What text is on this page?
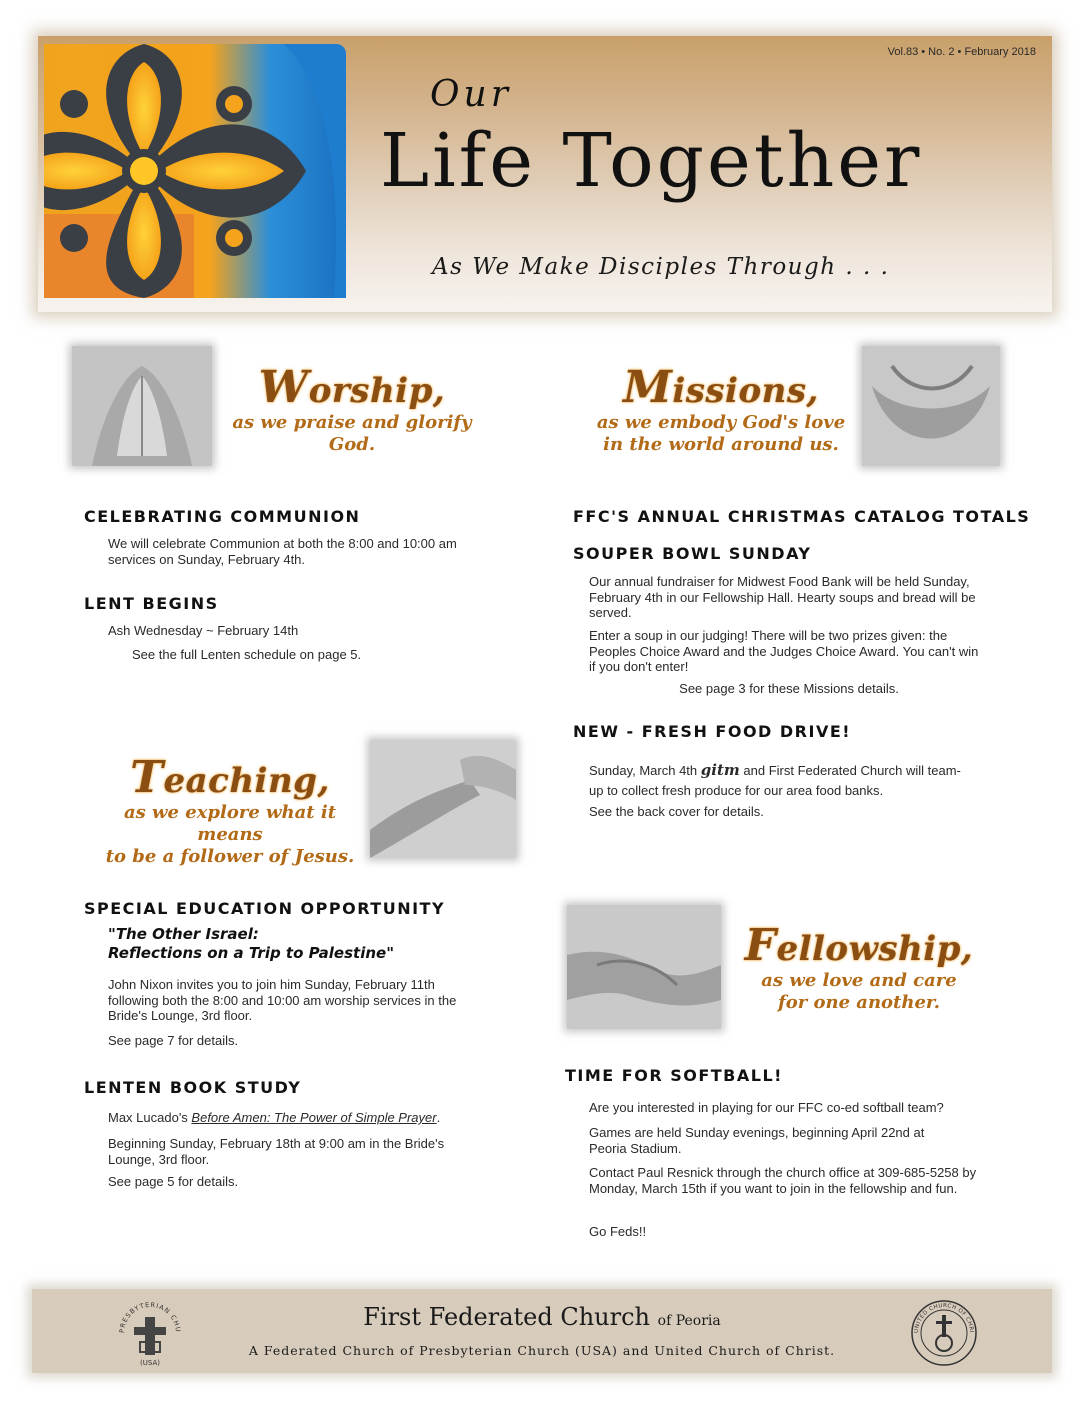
Vol.83 • No. 2 • February 2018
Our
Life Together
As We Make Disciples Through . . .
Worship,
as we praise and glorify God.
CELEBRATING COMMUNION
We will celebrate Communion at both the 8:00 and 10:00 am services on Sunday, February 4th.
LENT BEGINS
Ash Wednesday ~ February 14th
See the full Lenten schedule on page 5.
Missions,
as we embody God's love
in the world around us.
FFC'S ANNUAL CHRISTMAS CATALOG TOTALS
SOUPER BOWL SUNDAY
Our annual fundraiser for Midwest Food Bank will be held Sunday, February 4th in our Fellowship Hall. Hearty soups and bread will be served.
Enter a soup in our judging! There will be two prizes given: the Peoples Choice Award and the Judges Choice Award. You can't win if you don't enter!
See page 3 for these Missions details.
NEW - FRESH FOOD DRIVE!
Sunday, March 4th gitm and First Federated Church will team-up to collect fresh produce for our area food banks.
See the back cover for details.
Teaching,
as we explore what it means
to be a follower of Jesus.
SPECIAL EDUCATION OPPORTUNITY
"The Other Israel:
Reflections on a Trip to Palestine"
John Nixon invites you to join him Sunday, February 11th following both the 8:00 and 10:00 am worship services in the Bride's Lounge, 3rd floor.
See page 7 for details.
LENTEN BOOK STUDY
Max Lucado's Before Amen: The Power of Simple Prayer.
Beginning Sunday, February 18th at 9:00 am in the Bride's Lounge, 3rd floor.
See page 5 for details.
Fellowship,
as we love and care
for one another.
TIME FOR SOFTBALL!
Are you interested in playing for our FFC co-ed softball team?
Games are held Sunday evenings, beginning April 22nd at Peoria Stadium.
Contact Paul Resnick through the church office at 309-685-5258 by Monday, March 15th if you want to join in the fellowship and fun.
Go Feds!!
PRESBYTERIAN CHU
(USA)
First Federated Church of Peoria
A Federated Church of Presbyterian Church (USA) and United Church of Christ.
UNITED CHURCH OF CHRI
